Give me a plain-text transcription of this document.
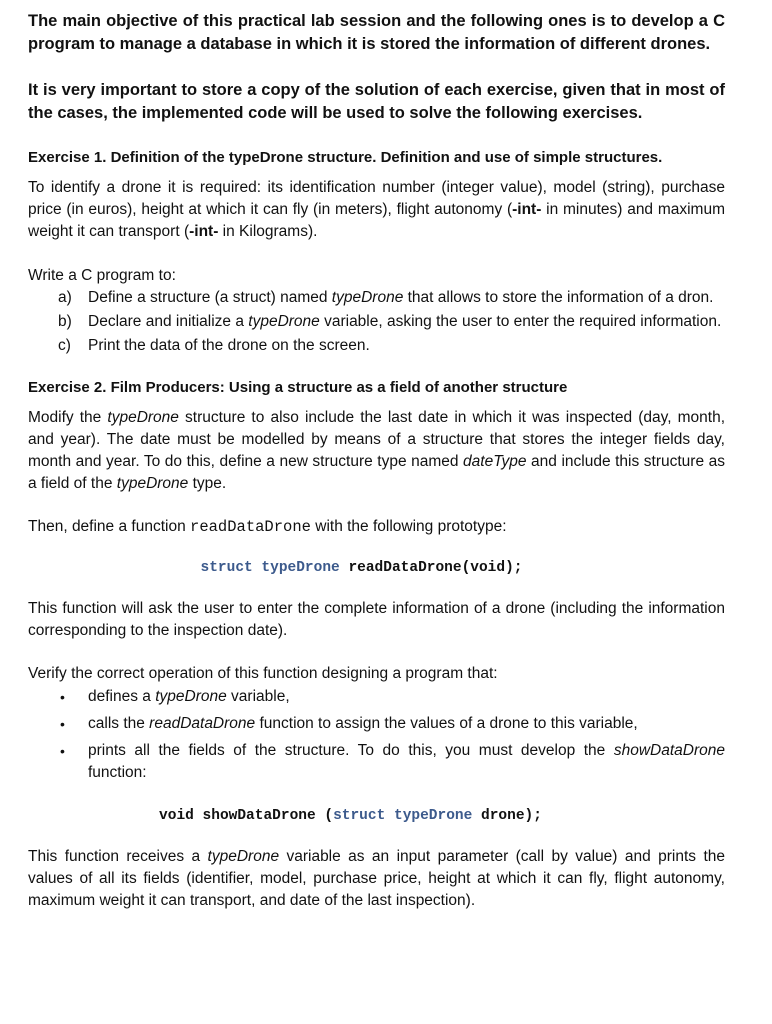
The main objective of this practical lab session and the following ones is to develop a C program to manage a database in which it is stored the information of different drones.

It is very important to store a copy of the solution of each exercise, given that in most of the cases, the implemented code will be used to solve the following exercises.

Exercise 1. Definition of the typeDrone structure. Definition and use of simple structures.

To identify a drone it is required: its identification number (integer value), model (string), purchase price (in euros), height at which it can fly (in meters), flight autonomy (-int- in minutes) and maximum weight it can transport (-int- in Kilograms).

Write a C program to:

a) Define a structure (a struct) named typeDrone that allows to store the information of a dron.
b) Declare and initialize a typeDrone variable, asking the user to enter the required information.
c) Print the data of the drone on the screen.

Exercise 2. Film Producers: Using a structure as a field of another structure

Modify the typeDrone structure to also include the last date in which it was inspected (day, month, and year). The date must be modelled by means of a structure that stores the integer fields day, month and year. To do this, define a new structure type named dateType and include this structure as a field of the typeDrone type.

Then, define a function readDataDrone with the following prototype:

struct typeDrone readDataDrone(void);

This function will ask the user to enter the complete information of a drone (including the information corresponding to the inspection date).

Verify the correct operation of this function designing a program that:

• defines a typeDrone variable,
• calls the readDataDrone function to assign the values of a drone to this variable,
• prints all the fields of the structure. To do this, you must develop the showDataDrone function:

void showDataDrone (struct typeDrone drone);

This function receives a typeDrone variable as an input parameter (call by value) and prints the values of all its fields (identifier, model, purchase price, height at which it can fly, flight autonomy, maximum weight it can transport, and date of the last inspection).
